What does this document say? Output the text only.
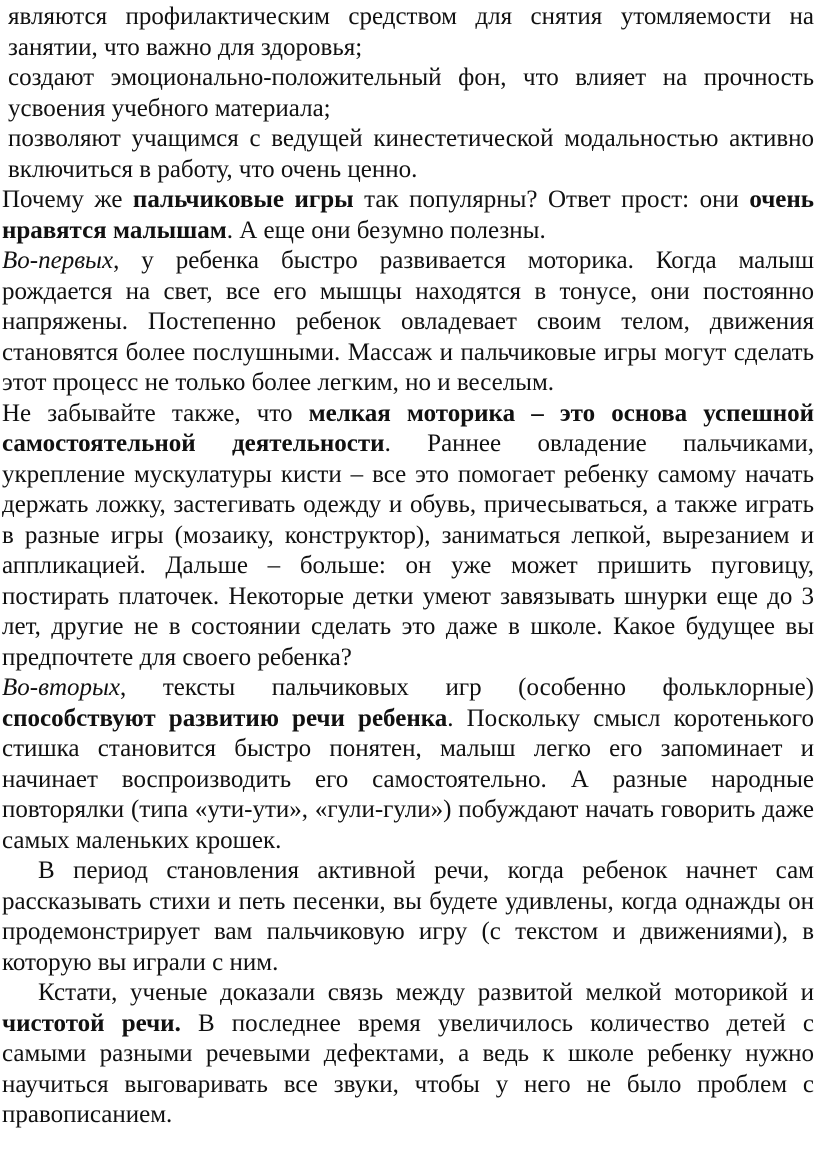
являются профилактическим средством для снятия утомляемости на занятии, что важно для здоровья;

создают эмоционально-положительный фон, что влияет на прочность усвоения учебного материала;

позволяют учащимся с ведущей кинестетической модальностью активно включиться в работу, что очень ценно.

Почему же пальчиковые игры так популярны? Ответ прост: они очень нравятся малышам. А еще они безумно полезны.

Во-первых, у ребенка быстро развивается моторика. Когда малыш рождается на свет, все его мышцы находятся в тонусе, они постоянно напряжены. Постепенно ребенок овладевает своим телом, движения становятся более послушными. Массаж и пальчиковые игры могут сделать этот процесс не только более легким, но и веселым.

Не забывайте также, что мелкая моторика – это основа успешной самостоятельной деятельности. Раннее овладение пальчиками, укрепление мускулатуры кисти – все это помогает ребенку самому начать держать ложку, застегивать одежду и обувь, причесываться, а также играть в разные игры (мозаику, конструктор), заниматься лепкой, вырезанием и аппликацией. Дальше – больше: он уже может пришить пуговицу, постирать платочек. Некоторые детки умеют завязывать шнурки еще до 3 лет, другие не в состоянии сделать это даже в школе. Какое будущее вы предпочтете для своего ребенка?

Во-вторых, тексты пальчиковых игр (особенно фольклорные) способствуют развитию речи ребенка. Поскольку смысл коротенького стишка становится быстро понятен, малыш легко его запоминает и начинает воспроизводить его самостоятельно. А разные народные повторялки (типа «ути-ути», «гули-гули») побуждают начать говорить даже самых маленьких крошек.

В период становления активной речи, когда ребенок начнет сам рассказывать стихи и петь песенки, вы будете удивлены, когда однажды он продемонстрирует вам пальчиковую игру (с текстом и движениями), в которую вы играли с ним.

Кстати, ученые доказали связь между развитой мелкой моторикой и чистотой речи. В последнее время увеличилось количество детей с самыми разными речевыми дефектами, а ведь к школе ребенку нужно научиться выговаривать все звуки, чтобы у него не было проблем с правописанием.
